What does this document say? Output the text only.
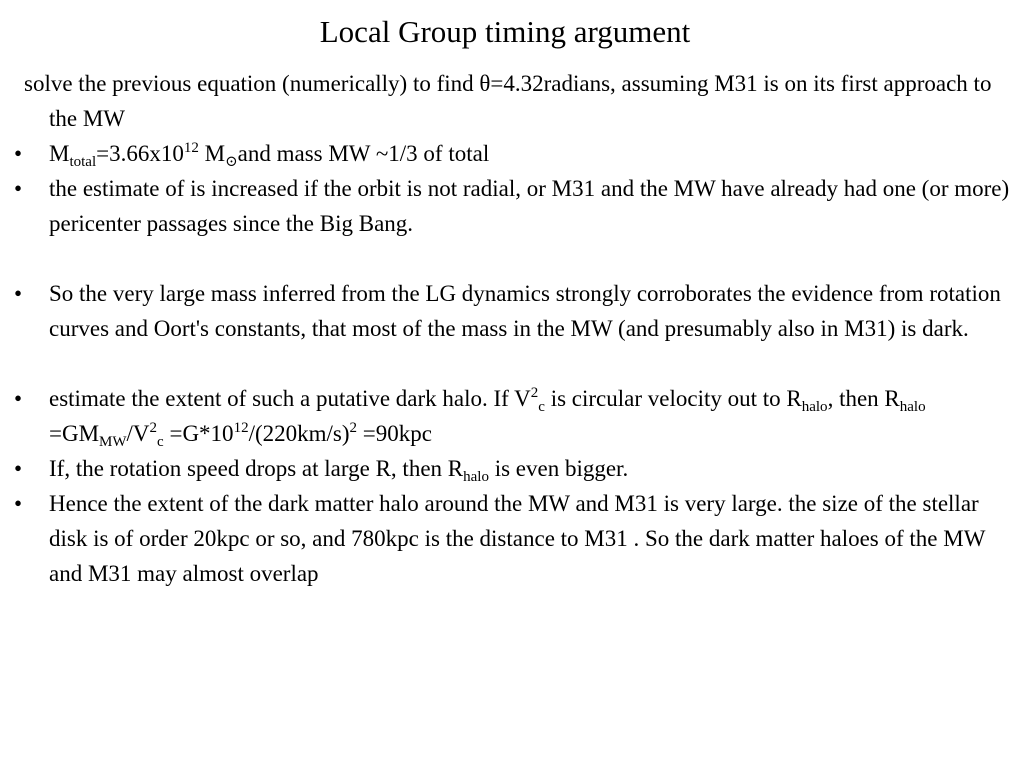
Local Group timing argument

solve the previous equation (numerically) to find θ=4.32radians, assuming M31 is on its first approach to the MW

• $M_{total}=3.66x10^{12}$ $M_⊙and$ mass MW ~1/3 of total

• the estimate of is increased if the orbit is not radial, or M31 and the MW have already had one (or more) pericenter passages since the Big Bang.

• So the very large mass inferred from the LG dynamics strongly corroborates the evidence from rotation curves and Oort's constants, that most of the mass in the MW (and presumably also in M31) is dark.

• estimate the extent of such a putative dark halo. If $V^2_c$ is circular velocity out to $R_{halo}$, then $R_{halo} =GM_{MW}/V^2_c =G*10^{12}/(220km/s)^2 =90kpc$

• If, the rotation speed drops at large R, then $R_{halo}$ is even bigger.

• Hence the extent of the dark matter halo around the MW and M31 is very large. the size of the stellar disk is of order 20kpc or so, and 780kpc is the distance to M31 . So the dark matter haloes of the MW and M31 may almost overlap
